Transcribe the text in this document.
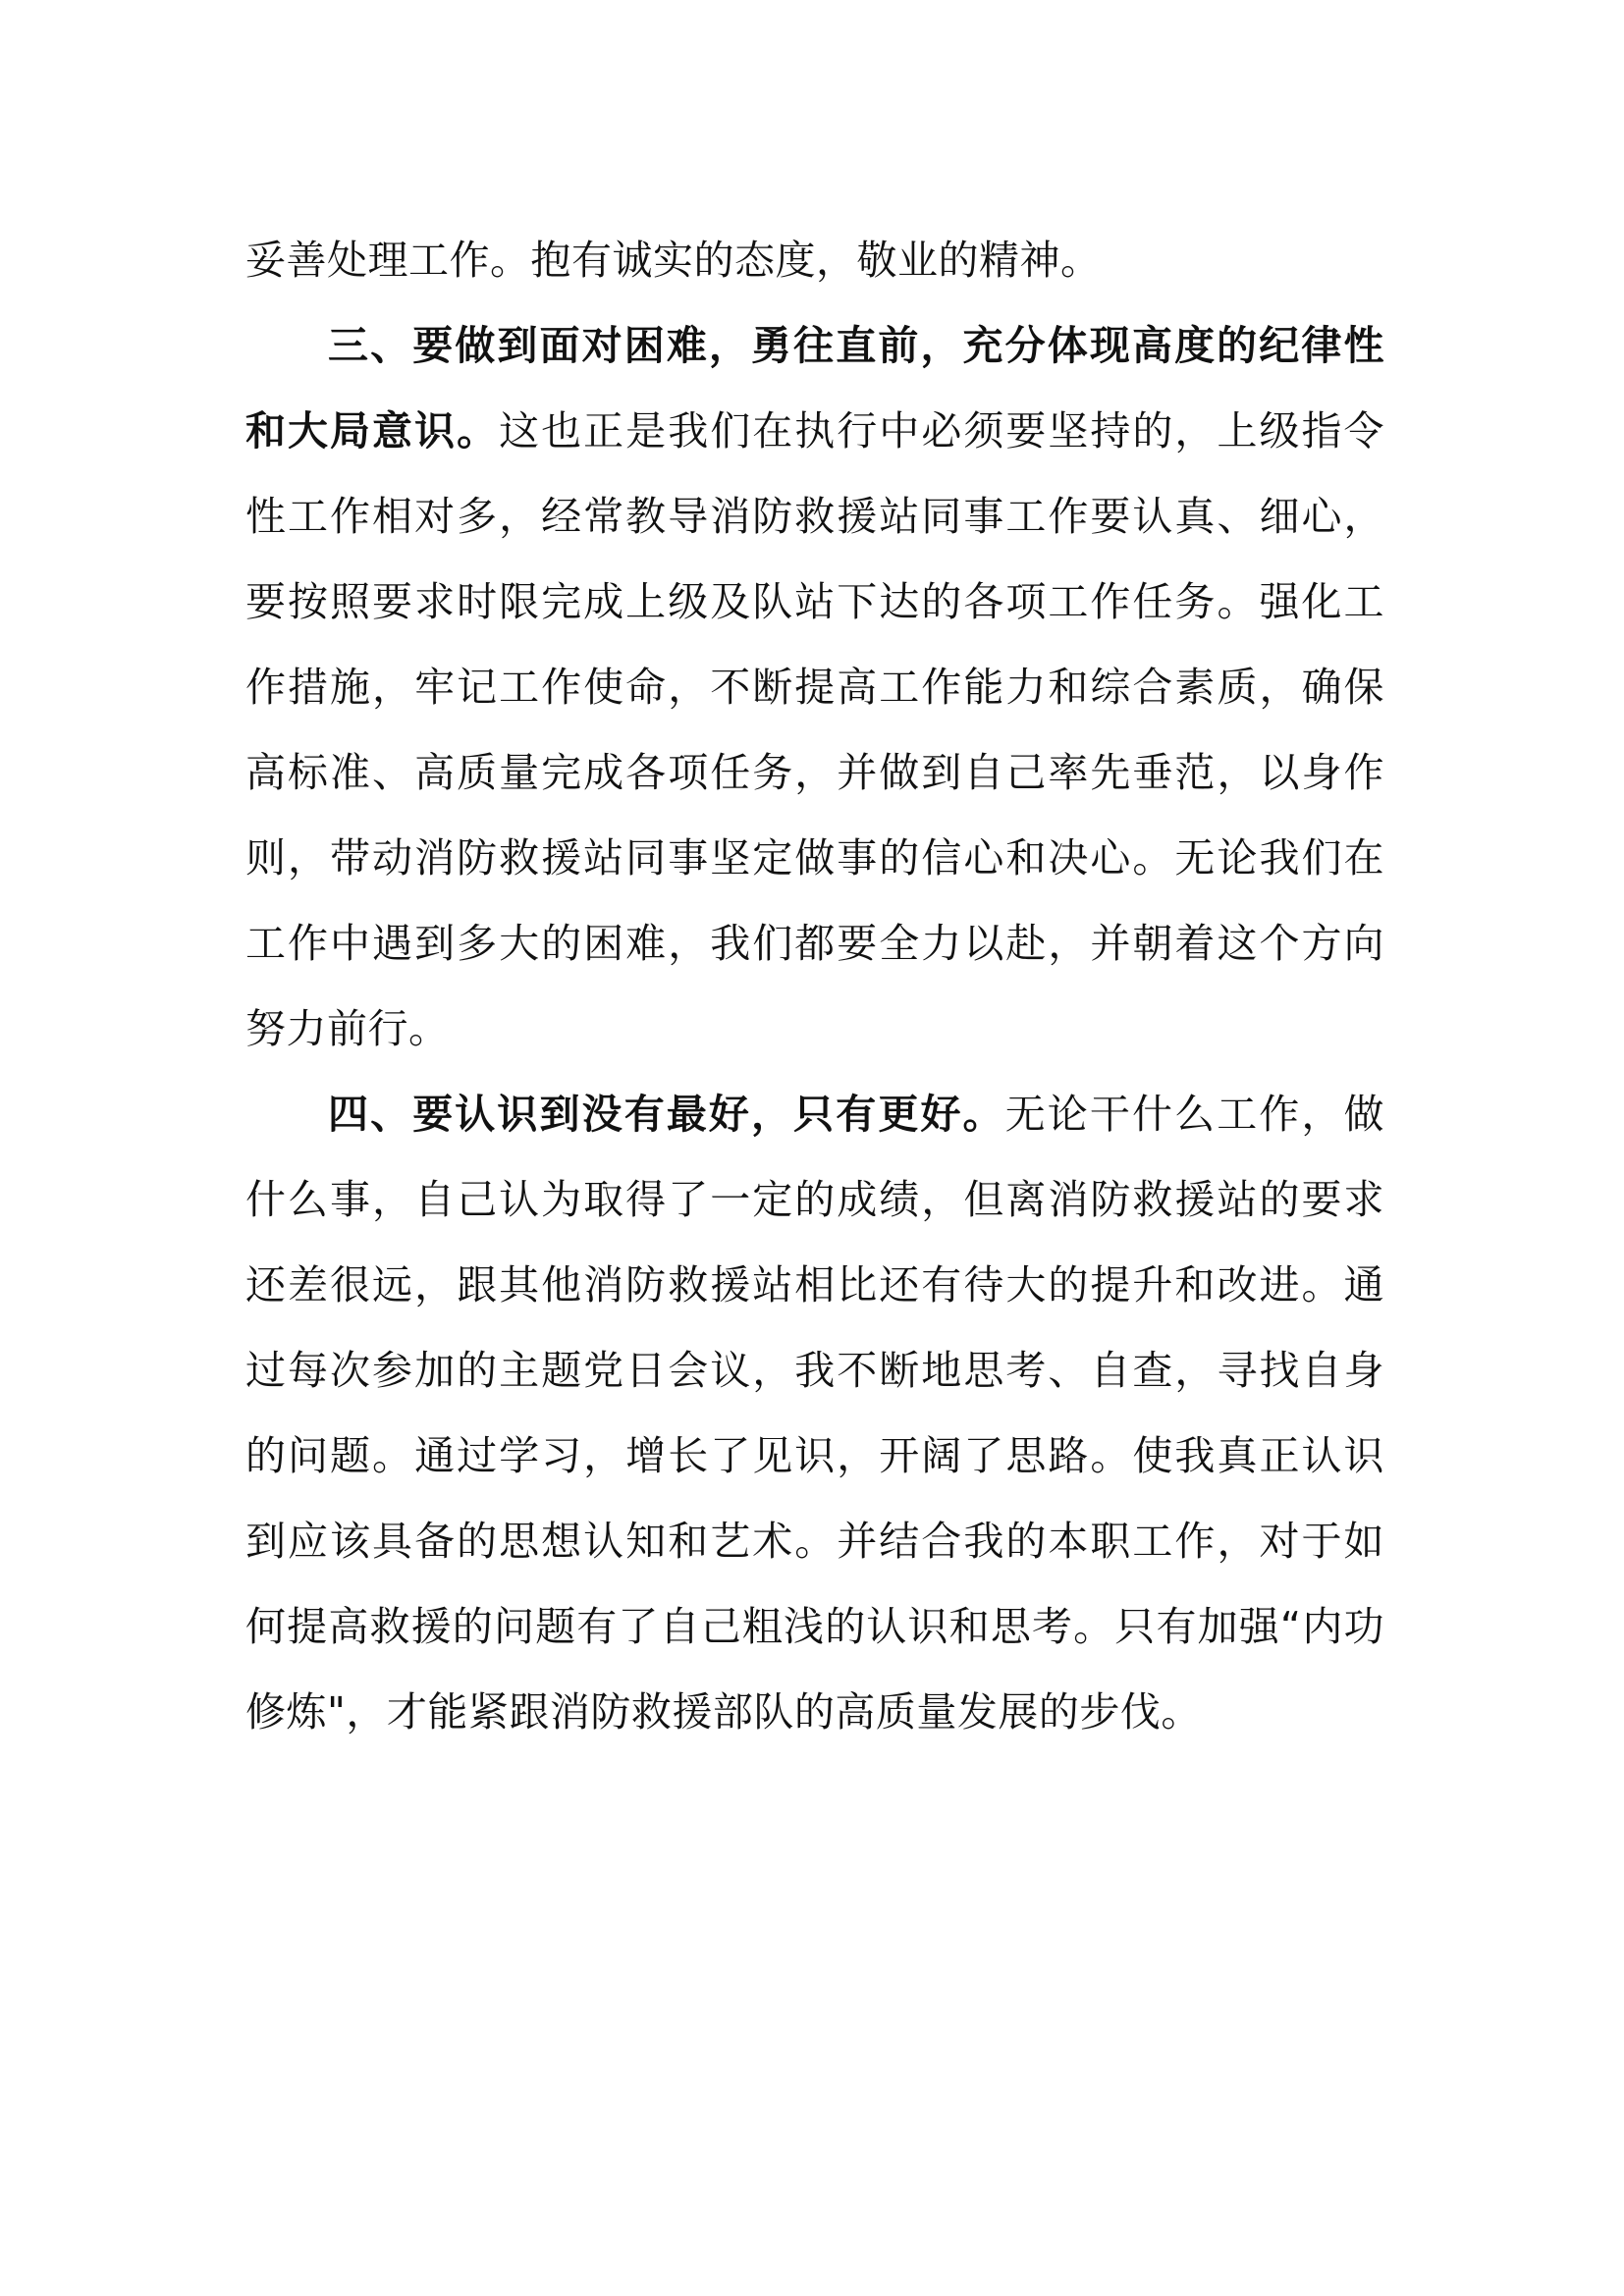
妥善处理工作。抱有诚实的态度，敬业的精神。

三、要做到面对困难，勇往直前，充分体现高度的纪律性和大局意识。这也正是我们在执行中必须要坚持的，上级指令性工作相对多，经常教导消防救援站同事工作要认真、细心，要按照要求时限完成上级及队站下达的各项工作任务。强化工作措施，牢记工作使命，不断提高工作能力和综合素质，确保高标准、高质量完成各项任务，并做到自己率先垂范，以身作则，带动消防救援站同事坚定做事的信心和决心。无论我们在工作中遇到多大的困难，我们都要全力以赴，并朝着这个方向努力前行。

四、要认识到没有最好，只有更好。无论干什么工作，做什么事，自己认为取得了一定的成绩，但离消防救援站的要求还差很远，跟其他消防救援站相比还有待大的提升和改进。通过每次参加的主题党日会议，我不断地思考、自查，寻找自身的问题。通过学习，增长了见识，开阔了思路。使我真正认识到应该具备的思想认知和艺术。并结合我的本职工作，对于如何提高救援的问题有了自己粗浅的认识和思考。只有加强“内功修炼"，才能紧跟消防救援部队的高质量发展的步伐。
